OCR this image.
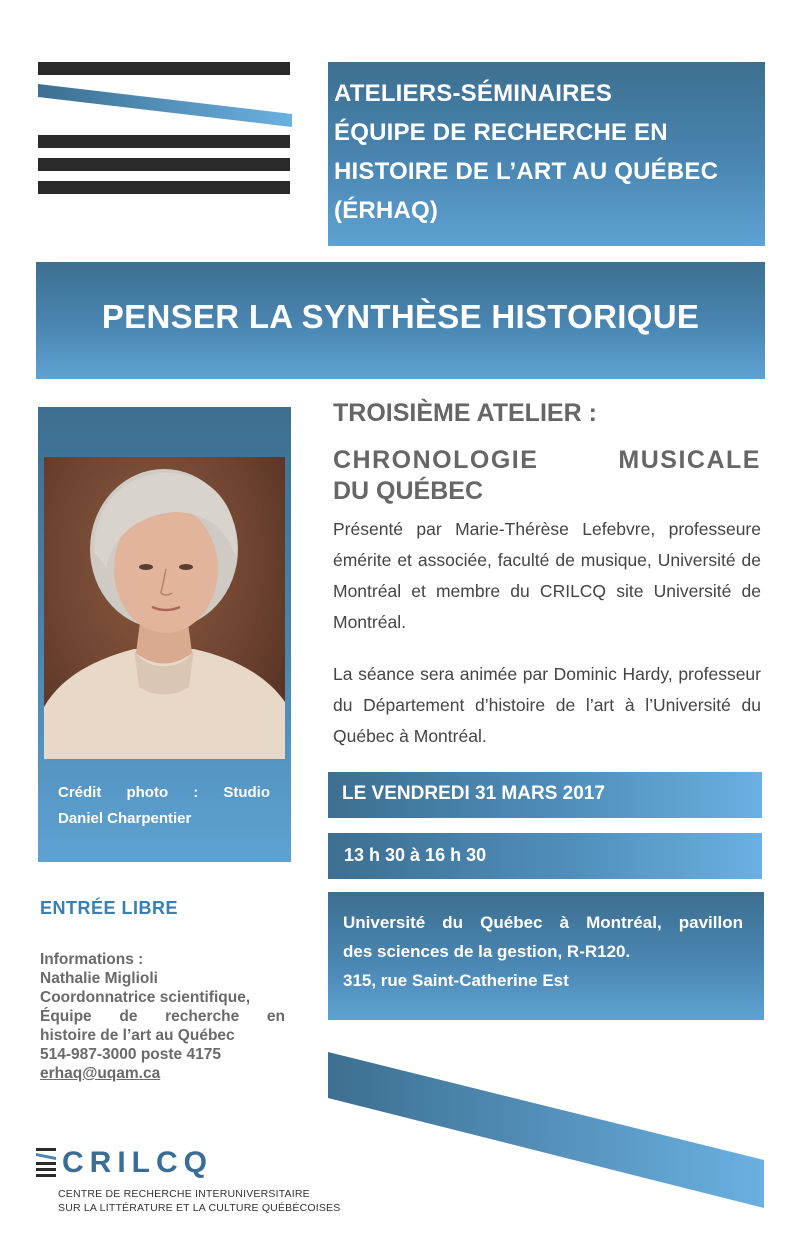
ATELIERS-SÉMINAIRES
ÉQUIPE DE RECHERCHE EN
HISTOIRE DE L’ART AU QUÉBEC
(ÉRHAQ)
PENSER LA SYNTHÈSE HISTORIQUE
Crédit photo : Studio
Daniel Charpentier
TROISIÈME ATELIER :
CHRONOLOGIE MUSICALE
DU QUÉBEC
Présenté par Marie-Thérèse Lefebvre, professeure émérite et associée, faculté de musique, Université de Montréal et membre du CRILCQ site Université de Montréal.
La séance sera animée par Dominic Hardy, professeur du Département d’histoire de l’art à l’Université du Québec à Montréal.
LE VENDREDI 31 MARS 2017
13 h 30 à 16 h 30
Université du Québec à Montréal, pavillon
des sciences de la gestion, R-R120.
315, rue Saint-Catherine Est
ENTRÉE LIBRE
Informations :
Nathalie Miglioli
Coordonnatrice scientifique,
Équipe de recherche en
histoire de l’art au Québec
514-987-3000 poste 4175
erhaq@uqam.ca
CRILCQ
CENTRE DE RECHERCHE INTERUNIVERSITAIRE
SUR LA LITTÉRATURE ET LA CULTURE QUÉBÉCOISES
